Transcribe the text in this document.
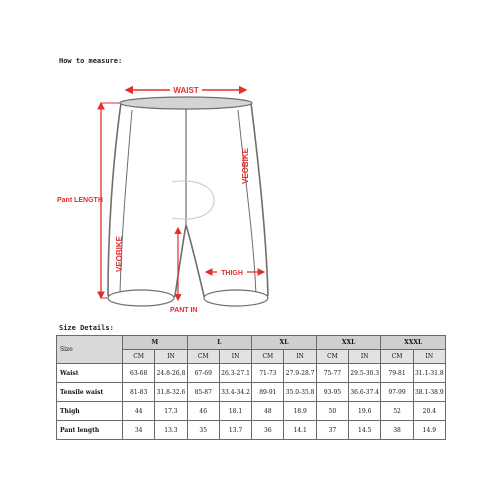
How to measure:
VEOBIKE
VEOBIKE
WAIST
Pant LENGTH
THIGH
PANT IN
Size Details:
Size	M		L		XL		XXL		XXXL	
	CM	IN	CM	IN	CM	IN	CM	IN	CM	IN
Waist	63-68	24.8-26.8	67-69	26.3-27.1	71-73	27.9-28.7	75-77	29.5-30.3	79-81	31.1-31.8
Tensile waist	81-83	31.8-32.6	85-87	33.4-34.2	89-91	35.0-35.8	93-95	36.6-37.4	97-99	38.1-38.9
Thigh	44	17.3	46	18.1	48	18.9	50	19.6	52	20.4
Pant length	34	13.3	35	13.7	36	14.1	37	14.5	38	14.9
